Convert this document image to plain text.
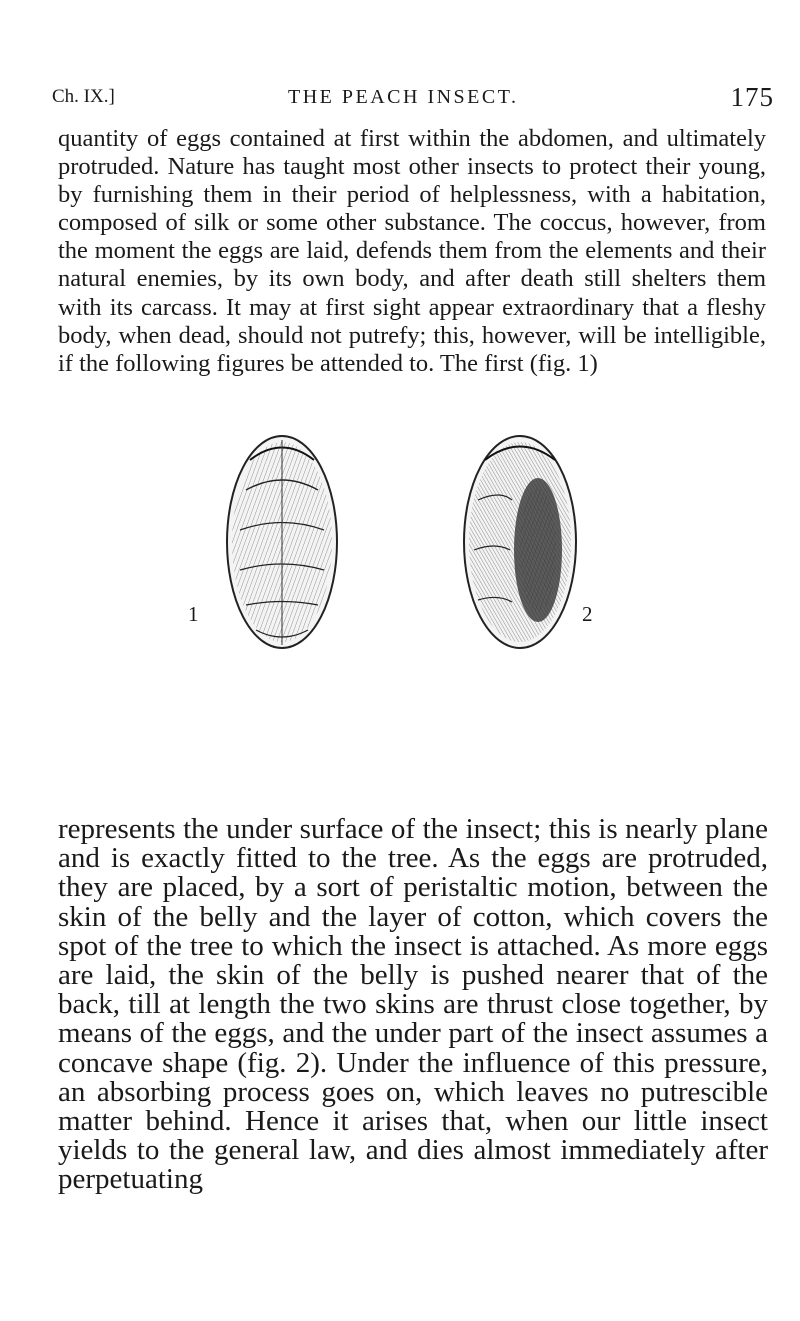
Ch. IX.]	THE PEACH INSECT.	175

quantity of eggs contained at first within the abdomen, and ultimately protruded. Nature has taught most other insects to protect their young, by furnishing them in their period of helplessness, with a habitation, composed of silk or some other substance. The coccus, however, from the moment the eggs are laid, defends them from the elements and their natural enemies, by its own body, and after death still shelters them with its carcass. It may at first sight appear extraordinary that a fleshy body, when dead, should not putrefy; this, however, will be intelligible, if the following figures be attended to. The first (fig. 1)

1	2

represents the under surface of the insect; this is nearly plane and is exactly fitted to the tree. As the eggs are protruded, they are placed, by a sort of peristaltic motion, between the skin of the belly and the layer of cotton, which covers the spot of the tree to which the insect is attached. As more eggs are laid, the skin of the belly is pushed nearer that of the back, till at length the two skins are thrust close together, by means of the eggs, and the under part of the insect assumes a concave shape (fig. 2). Under the influence of this pressure, an absorbing process goes on, which leaves no putrescible matter behind. Hence it arises that, when our little insect yields to the general law, and dies almost immediately after perpetuating
